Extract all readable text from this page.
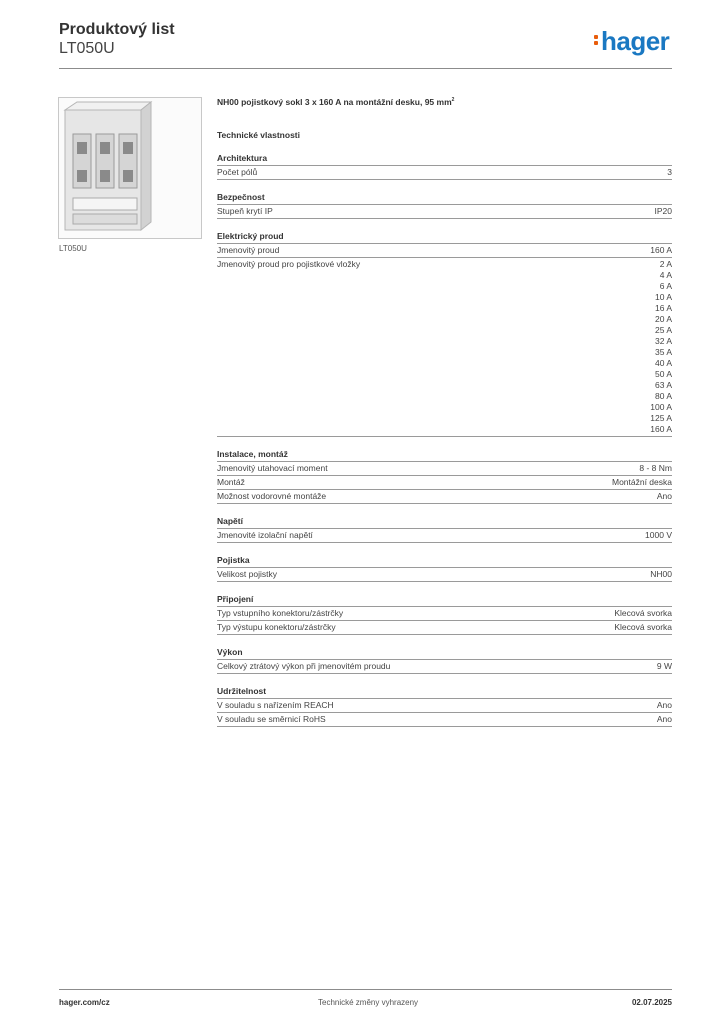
Produktový list
LT050U	hager
LT050U
NH00 pojistkový sokl 3 x 160 A na montážní desku, 95 $mm^2$
Technické vlastnosti
Architektura
Počet pólů	3
Bezpečnost
Stupeň krytí IP	IP20
Elektrický proud
Jmenovitý proud	160 A
Jmenovitý proud pro pojistkové vložky	2 A
4 A
6 A
10 A
16 A
20 A
25 A
32 A
35 A
40 A
50 A
63 A
80 A
100 A
125 A
160 A
Instalace, montáž
Jmenovitý utahovací moment	8 - 8 Nm
Montáž	Montážní deska
Možnost vodorovné montáže	Ano
Napětí
Jmenovité izolační napětí	1000 V
Pojistka
Velikost pojistky	NH00
Připojení
Typ vstupního konektoru/zástrčky	Klecová svorka
Typ výstupu konektoru/zástrčky	Klecová svorka
Výkon
Celkový ztrátový výkon při jmenovitém proudu	9 W
Udržitelnost
V souladu s nařízením REACH	Ano
V souladu se směrnicí RoHS	Ano
hager.com/cz	Technické změny vyhrazeny	02.07.2025
